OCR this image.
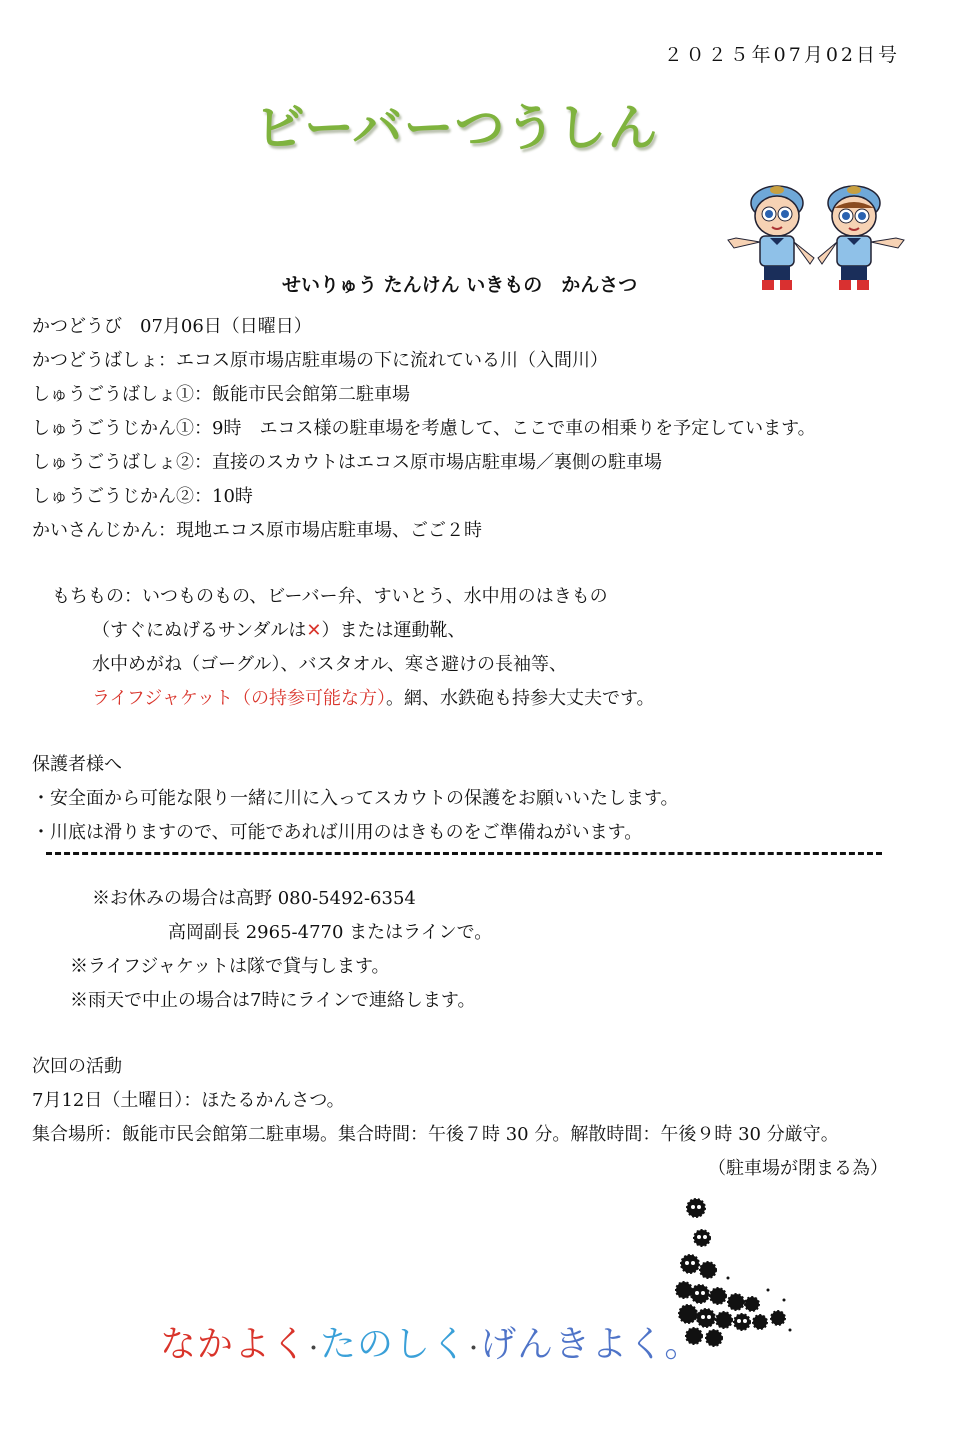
２０２５年07月02日号
ビーバーつうしん
せいりゅう たんけん いきもの　かんさつ
かつどうび　07月06日（日曜日）
かつどうばしょ：エコス原市場店駐車場の下に流れている川（入間川）
しゅうごうばしょ①：飯能市民会館第二駐車場
しゅうごうじかん①：9時　エコス様の駐車場を考慮して、ここで車の相乗りを予定しています。
しゅうごうばしょ②：直接のスカウトはエコス原市場店駐車場／裏側の駐車場
しゅうごうじかん②：10時
かいさんじかん：現地エコス原市場店駐車場、ごご２時
もちもの：いつものもの、ビーバー弁、すいとう、水中用のはきもの
（すぐにぬげるサンダルは✕）または運動靴、
水中めがね（ゴーグル）、バスタオル、寒さ避けの長袖等、
ライフジャケット（の持参可能な方）。網、水鉄砲も持参大丈夫です。
保護者様へ
・安全面から可能な限り一緒に川に入ってスカウトの保護をお願いいたします。
・川底は滑りますので、可能であれば川用のはきものをご準備ねがいます。
※お休みの場合は高野 080-5492-6354
高岡副長 2965-4770 またはラインで。
※ライフジャケットは隊で貸与します。
※雨天で中止の場合は7時にラインで連絡します。
次回の活動
7月12日（土曜日）：ほたるかんさつ。
集合場所：飯能市民会館第二駐車場。集合時間：午後７時 30 分。解散時間：午後９時 30 分厳守。
（駐車場が閉まる為）
なかよく･たのしく･げんきよく。
